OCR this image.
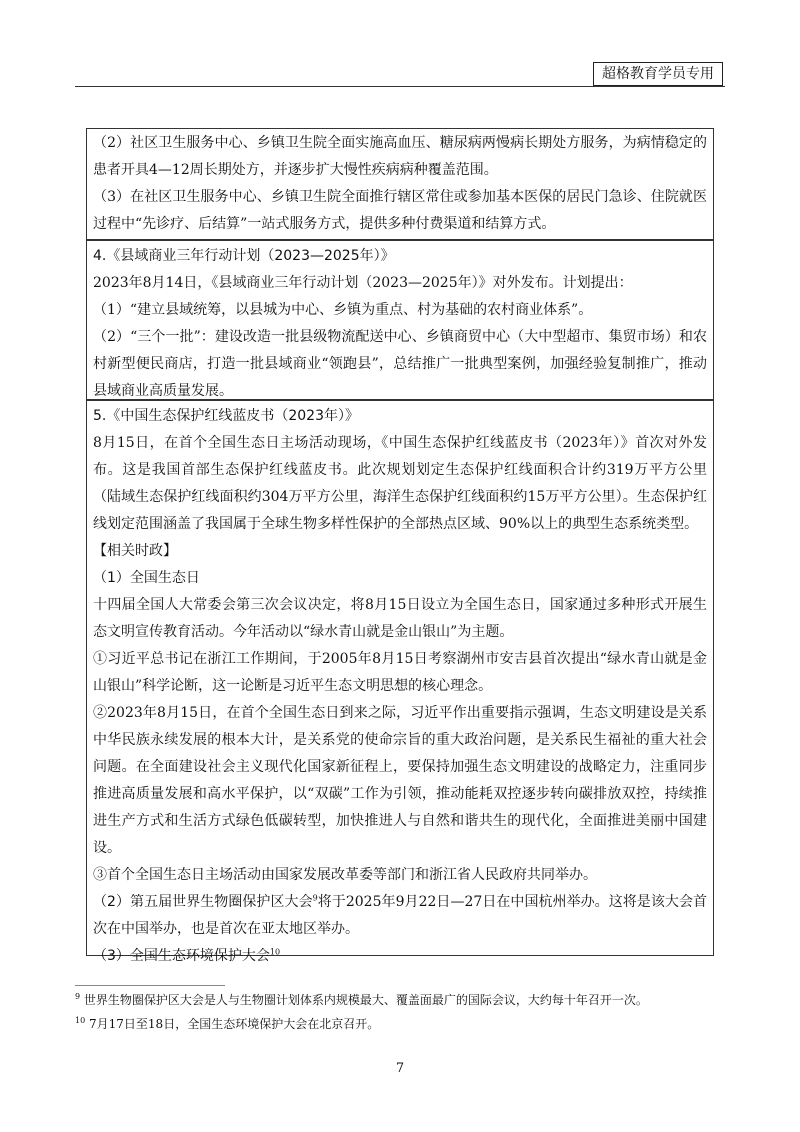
超格教育学员专用

（2）社区卫生服务中心、乡镇卫生院全面实施高血压、糖尿病两慢病长期处方服务，为病情稳定的患者开具4—12周长期处方，并逐步扩大慢性疾病病种覆盖范围。

（3）在社区卫生服务中心、乡镇卫生院全面推行辖区常住或参加基本医保的居民门急诊、住院就医过程中“先诊疗、后结算”一站式服务方式，提供多种付费渠道和结算方式。

4.《县域商业三年行动计划（2023—2025年）》

2023年8月14日，《县域商业三年行动计划（2023—2025年）》对外发布。计划提出：

（1）“建立县域统筹，以县城为中心、乡镇为重点、村为基础的农村商业体系”。

（2）“三个一批”：建设改造一批县级物流配送中心、乡镇商贸中心（大中型超市、集贸市场）和农村新型便民商店，打造一批县域商业“领跑县”，总结推广一批典型案例，加强经验复制推广，推动县域商业高质量发展。

5.《中国生态保护红线蓝皮书（2023年）》

8月15日，在首个全国生态日主场活动现场，《中国生态保护红线蓝皮书（2023年）》首次对外发布。这是我国首部生态保护红线蓝皮书。此次规划划定生态保护红线面积合计约319万平方公里（陆域生态保护红线面积约304万平方公里，海洋生态保护红线面积约15万平方公里）。生态保护红线划定范围涵盖了我国属于全球生物多样性保护的全部热点区域、90%以上的典型生态系统类型。

【相关时政】

（1）全国生态日

十四届全国人大常委会第三次会议决定，将8月15日设立为全国生态日，国家通过多种形式开展生态文明宣传教育活动。今年活动以“绿水青山就是金山银山”为主题。

①习近平总书记在浙江工作期间，于2005年8月15日考察湖州市安吉县首次提出“绿水青山就是金山银山”科学论断，这一论断是习近平生态文明思想的核心理念。

②2023年8月15日，在首个全国生态日到来之际，习近平作出重要指示强调，生态文明建设是关系中华民族永续发展的根本大计，是关系党的使命宗旨的重大政治问题，是关系民生福祉的重大社会问题。在全面建设社会主义现代化国家新征程上，要保持加强生态文明建设的战略定力，注重同步推进高质量发展和高水平保护，以“双碳”工作为引领，推动能耗双控逐步转向碳排放双控，持续推进生产方式和生活方式绿色低碳转型，加快推进人与自然和谐共生的现代化，全面推进美丽中国建设。

③首个全国生态日主场活动由国家发展改革委等部门和浙江省人民政府共同举办。

（2）第五届世界生物圈保护区大会$^9$将于2025年9月22日—27日在中国杭州举办。这将是该大会首次在中国举办，也是首次在亚太地区举办。

（3）全国生态环境保护大会$^{10}$

$^9$ 世界生物圈保护区大会是人与生物圈计划体系内规模最大、覆盖面最广的国际会议，大约每十年召开一次。
$^{10}$ 7月17日至18日，全国生态环境保护大会在北京召开。
7
